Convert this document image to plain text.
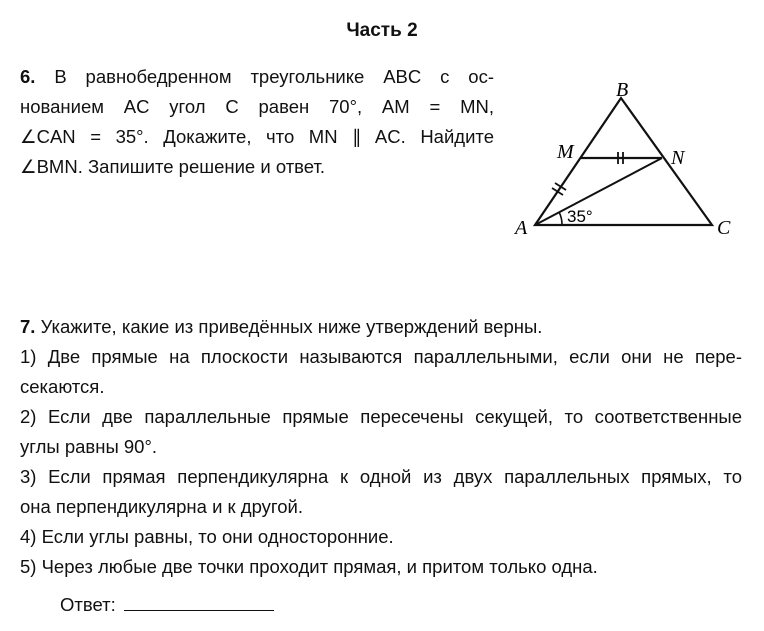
Часть 2
6. В равнобедренном треугольнике ABC с ос-
нованием AC угол C равен 70°, AM = MN,
∠CAN = 35°. Докажите, что MN ∥ AC. Найдите
∠BMN. Запишите решение и ответ.
B
M	N
A	C
35°
7. Укажите, какие из приведённых ниже утверждений верны.
1) Две прямые на плоскости называются параллельными, если они не пере-
секаются.
2) Если две параллельные прямые пересечены секущей, то соответственные
углы равны 90°.
3) Если прямая перпендикулярна к одной из двух параллельных прямых, то
она перпендикулярна и к другой.
4) Если углы равны, то они односторонние.
5) Через любые две точки проходит прямая, и притом только одна.
Ответ:
